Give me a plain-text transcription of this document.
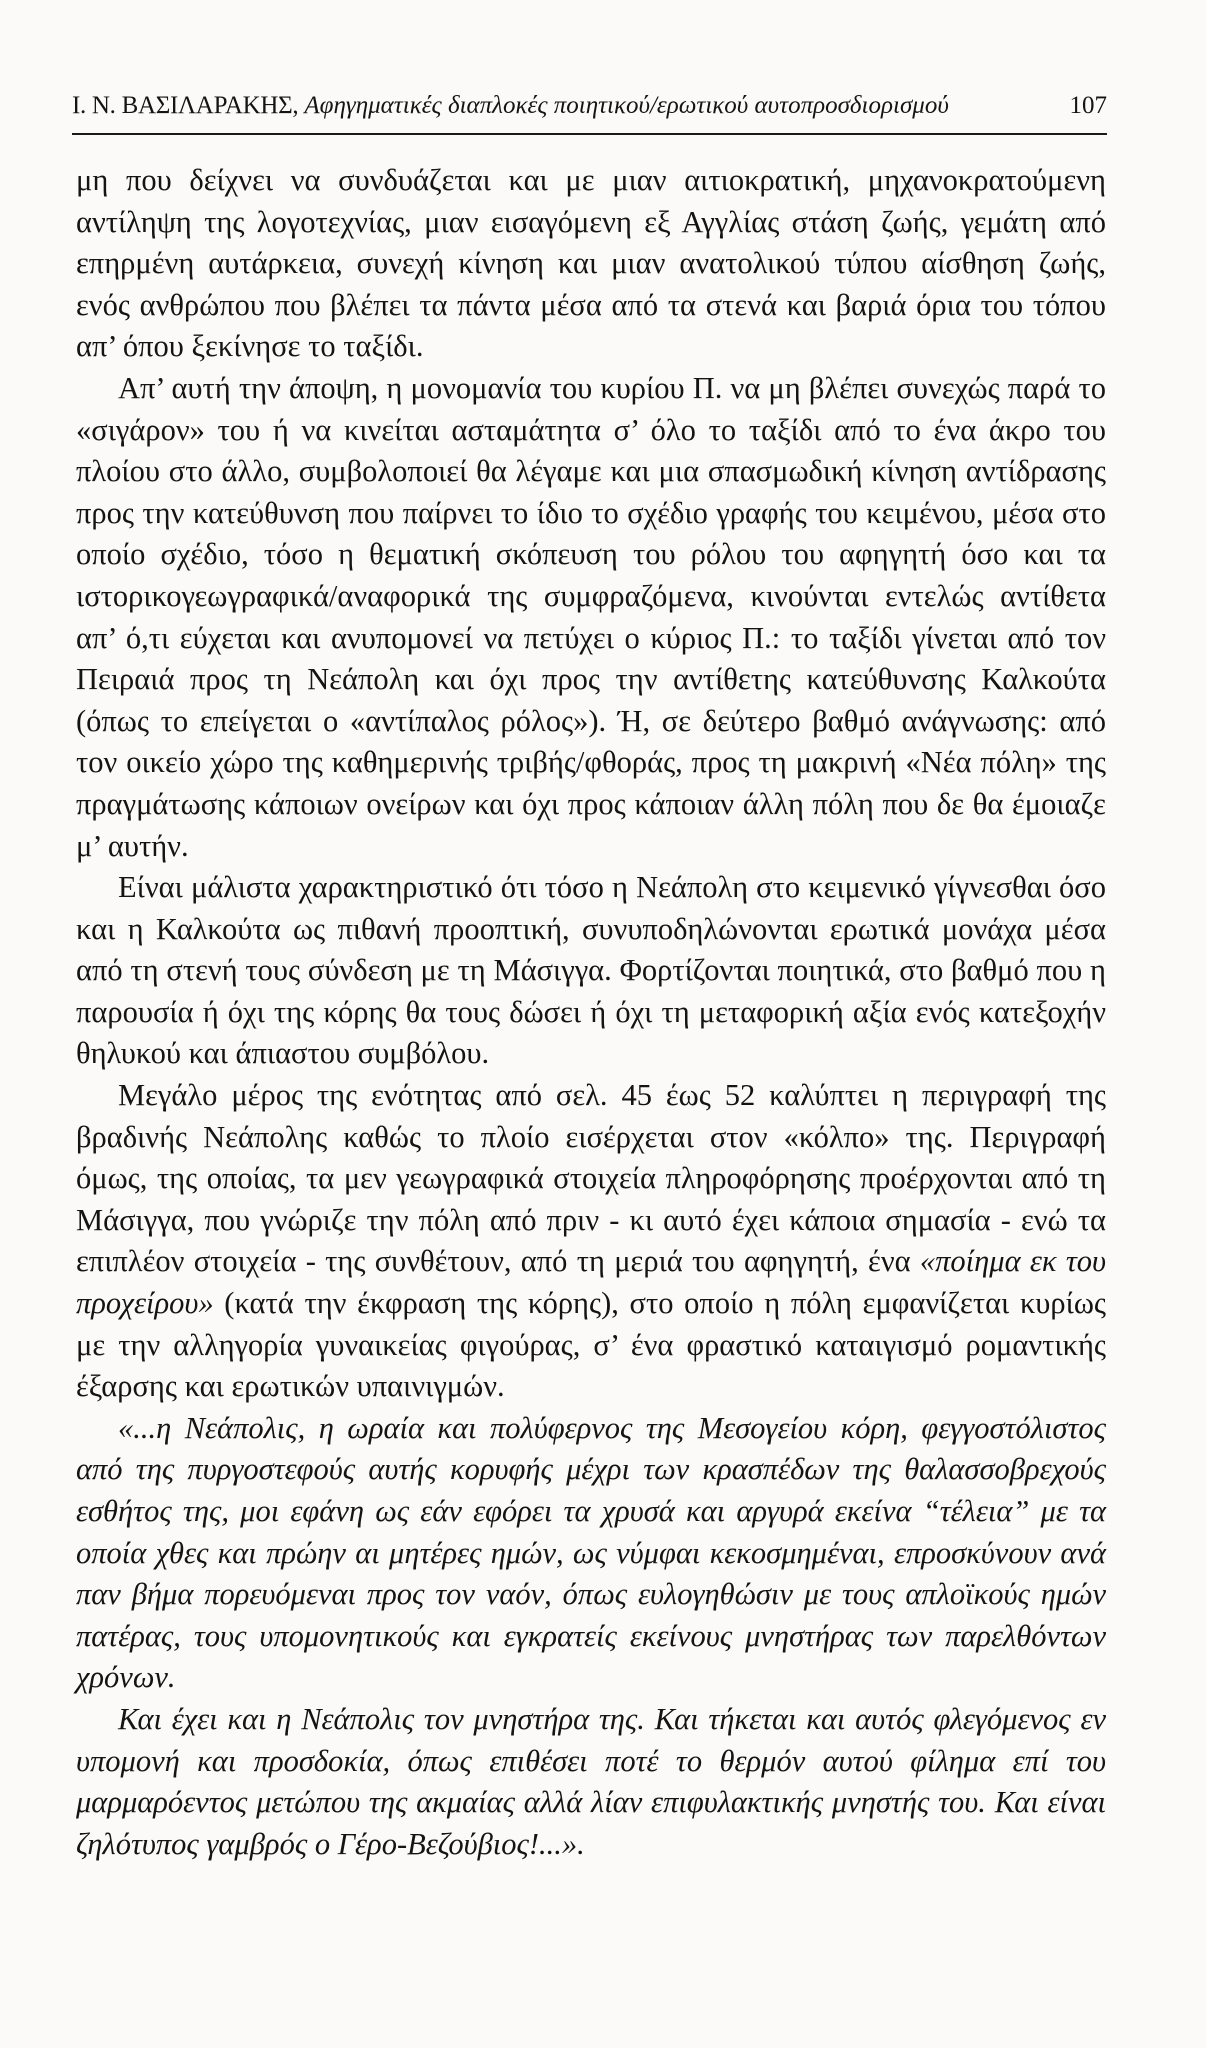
Ι. Ν. ΒΑΣΙΛΑΡΑΚΗΣ, Αφηγηματικές διαπλοκές ποιητικού/ερωτικού αυτοπροσδιορισμού	107

μη που δείχνει να συνδυάζεται και με μιαν αιτιοκρατική, μηχανοκρατούμενη αντίληψη της λογοτεχνίας, μιαν εισαγόμενη εξ Αγγλίας στάση ζωής, γεμάτη από επηρμένη αυτάρκεια, συνεχή κίνηση και μιαν ανατολικού τύπου αίσθηση ζωής, ενός ανθρώπου που βλέπει τα πάντα μέσα από τα στενά και βαριά όρια του τόπου απ’ όπου ξεκίνησε το ταξίδι.

Απ’ αυτή την άποψη, η μονομανία του κυρίου Π. να μη βλέπει συνεχώς παρά το «σιγάρον» του ή να κινείται ασταμάτητα σ’ όλο το ταξίδι από το ένα άκρο του πλοίου στο άλλο, συμβολοποιεί θα λέγαμε και μια σπασμωδική κίνηση αντίδρασης προς την κατεύθυνση που παίρνει το ίδιο το σχέδιο γραφής του κειμένου, μέσα στο οποίο σχέδιο, τόσο η θεματική σκόπευση του ρόλου του αφηγητή όσο και τα ιστορικογεωγραφικά/αναφορικά της συμφραζόμενα, κινούνται εντελώς αντίθετα απ’ ό,τι εύχεται και ανυπομονεί να πετύχει ο κύριος Π.: το ταξίδι γίνεται από τον Πειραιά προς τη Νεάπολη και όχι προς την αντίθετης κατεύθυνσης Καλκούτα (όπως το επείγεται ο «αντίπαλος ρόλος»). Ή, σε δεύτερο βαθμό ανάγνωσης: από τον οικείο χώρο της καθημερινής τριβής/φθοράς, προς τη μακρινή «Νέα πόλη» της πραγμάτωσης κάποιων ονείρων και όχι προς κάποιαν άλλη πόλη που δε θα έμοιαζε μ’ αυτήν.

Είναι μάλιστα χαρακτηριστικό ότι τόσο η Νεάπολη στο κειμενικό γίγνεσθαι όσο και η Καλκούτα ως πιθανή προοπτική, συνυποδηλώνονται ερωτικά μονάχα μέσα από τη στενή τους σύνδεση με τη Μάσιγγα. Φορτίζονται ποιητικά, στο βαθμό που η παρουσία ή όχι της κόρης θα τους δώσει ή όχι τη μεταφορική αξία ενός κατεξοχήν θηλυκού και άπιαστου συμβόλου.

Μεγάλο μέρος της ενότητας από σελ. 45 έως 52 καλύπτει η περιγραφή της βραδινής Νεάπολης καθώς το πλοίο εισέρχεται στον «κόλπο» της. Περιγραφή όμως, της οποίας, τα μεν γεωγραφικά στοιχεία πληροφόρησης προέρχονται από τη Μάσιγγα, που γνώριζε την πόλη από πριν - κι αυτό έχει κάποια σημασία - ενώ τα επιπλέον στοιχεία - της συνθέτουν, από τη μεριά του αφηγητή, ένα «ποίημα εκ του προχείρου» (κατά την έκφραση της κόρης), στο οποίο η πόλη εμφανίζεται κυρίως με την αλληγορία γυναικείας φιγούρας, σ’ ένα φραστικό καταιγισμό ρομαντικής έξαρσης και ερωτικών υπαινιγμών.

«...η Νεάπολις, η ωραία και πολύφερνος της Μεσογείου κόρη, φεγγοστόλιστος από της πυργοστεφούς αυτής κορυφής μέχρι των κρασπέδων της θαλασσοβρεχούς εσθήτος της, μοι εφάνη ως εάν εφόρει τα χρυσά και αργυρά εκείνα “τέλεια” με τα οποία χθες και πρώην αι μητέρες ημών, ως νύμφαι κεκοσμημέναι, επροσκύνουν ανά παν βήμα πορευόμεναι προς τον ναόν, όπως ευλογηθώσιν με τους απλοϊκούς ημών πατέρας, τους υπομονητικούς και εγκρατείς εκείνους μνηστήρας των παρελθόντων χρόνων.

Και έχει και η Νεάπολις τον μνηστήρα της. Και τήκεται και αυτός φλεγόμενος εν υπομονή και προσδοκία, όπως επιθέσει ποτέ το θερμόν αυτού φίλημα επί του μαρμαρόεντος μετώπου της ακμαίας αλλά λίαν επιφυλακτικής μνηστής του. Και είναι ζηλότυπος γαμβρός ο Γέρο-Βεζούβιος!...».
